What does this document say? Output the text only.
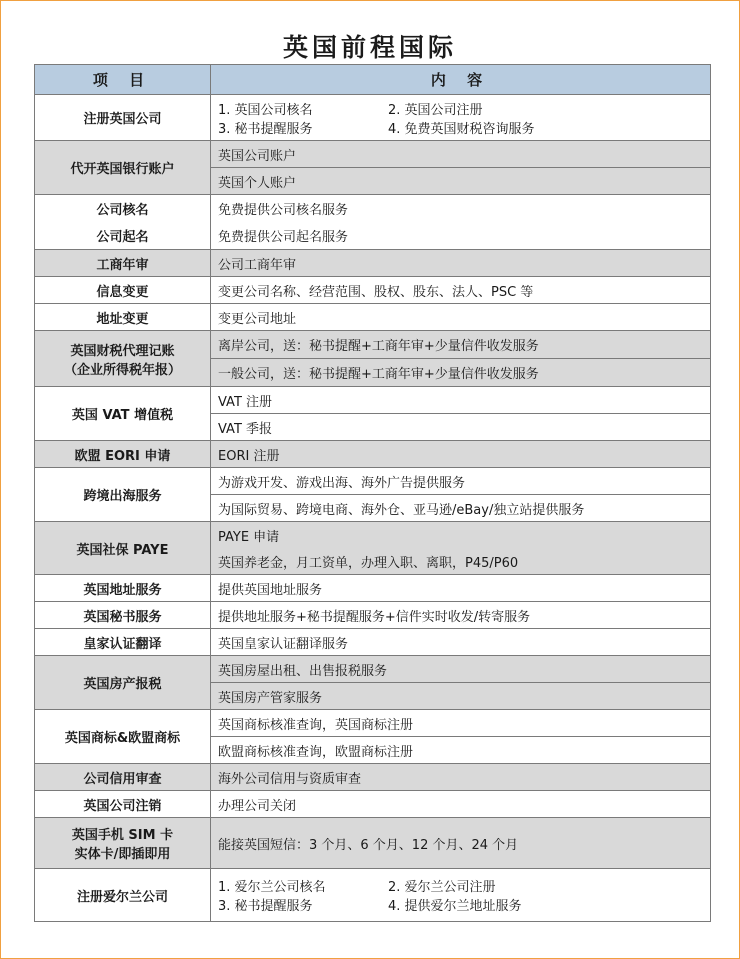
英国前程国际
项 目	内 容
注册英国公司	1. 英国公司核名 2. 英国公司注册
3. 秘书提醒服务 4. 免费英国财税咨询服务

代开英国银行账户	英国公司账户
	英国个人账户
公司核名	免费提供公司核名服务
公司起名	免费提供公司起名服务
工商年审	公司工商年审
信息变更	变更公司名称、经营范围、股权、股东、法人、PSC 等
地址变更	变更公司地址

英国财税代理记账
（企业所得税年报）	离岸公司，送：秘书提醒+工商年审+少量信件收发服务
	一般公司，送：秘书提醒+工商年审+少量信件收发服务
英国 VAT 增值税	VAT 注册
	VAT 季报
欧盟 EORI 申请	EORI 注册
跨境出海服务	为游戏开发、游戏出海、海外广告提供服务
	为国际贸易、跨境电商、海外仓、亚马逊/eBay/独立站提供服务
英国社保 PAYE	PAYE 申请
	英国养老金，月工资单，办理入职、离职，P45/P60
英国地址服务	提供英国地址服务
英国秘书服务	提供地址服务+秘书提醒服务+信件实时收发/转寄服务
皇家认证翻译	英国皇家认证翻译服务
英国房产报税	英国房屋出租、出售报税服务
	英国房产管家服务
英国商标&欧盟商标	英国商标核准查询，英国商标注册
	欧盟商标核准查询，欧盟商标注册
公司信用审查	海外公司信用与资质审查
英国公司注销	办理公司关闭

英国手机 SIM 卡
实体卡/即插即用	能接英国短信：3 个月、6 个月、12 个月、24 个月
注册爱尔兰公司	1. 爱尔兰公司核名 2. 爱尔兰公司注册
3. 秘书提醒服务 4. 提供爱尔兰地址服务
